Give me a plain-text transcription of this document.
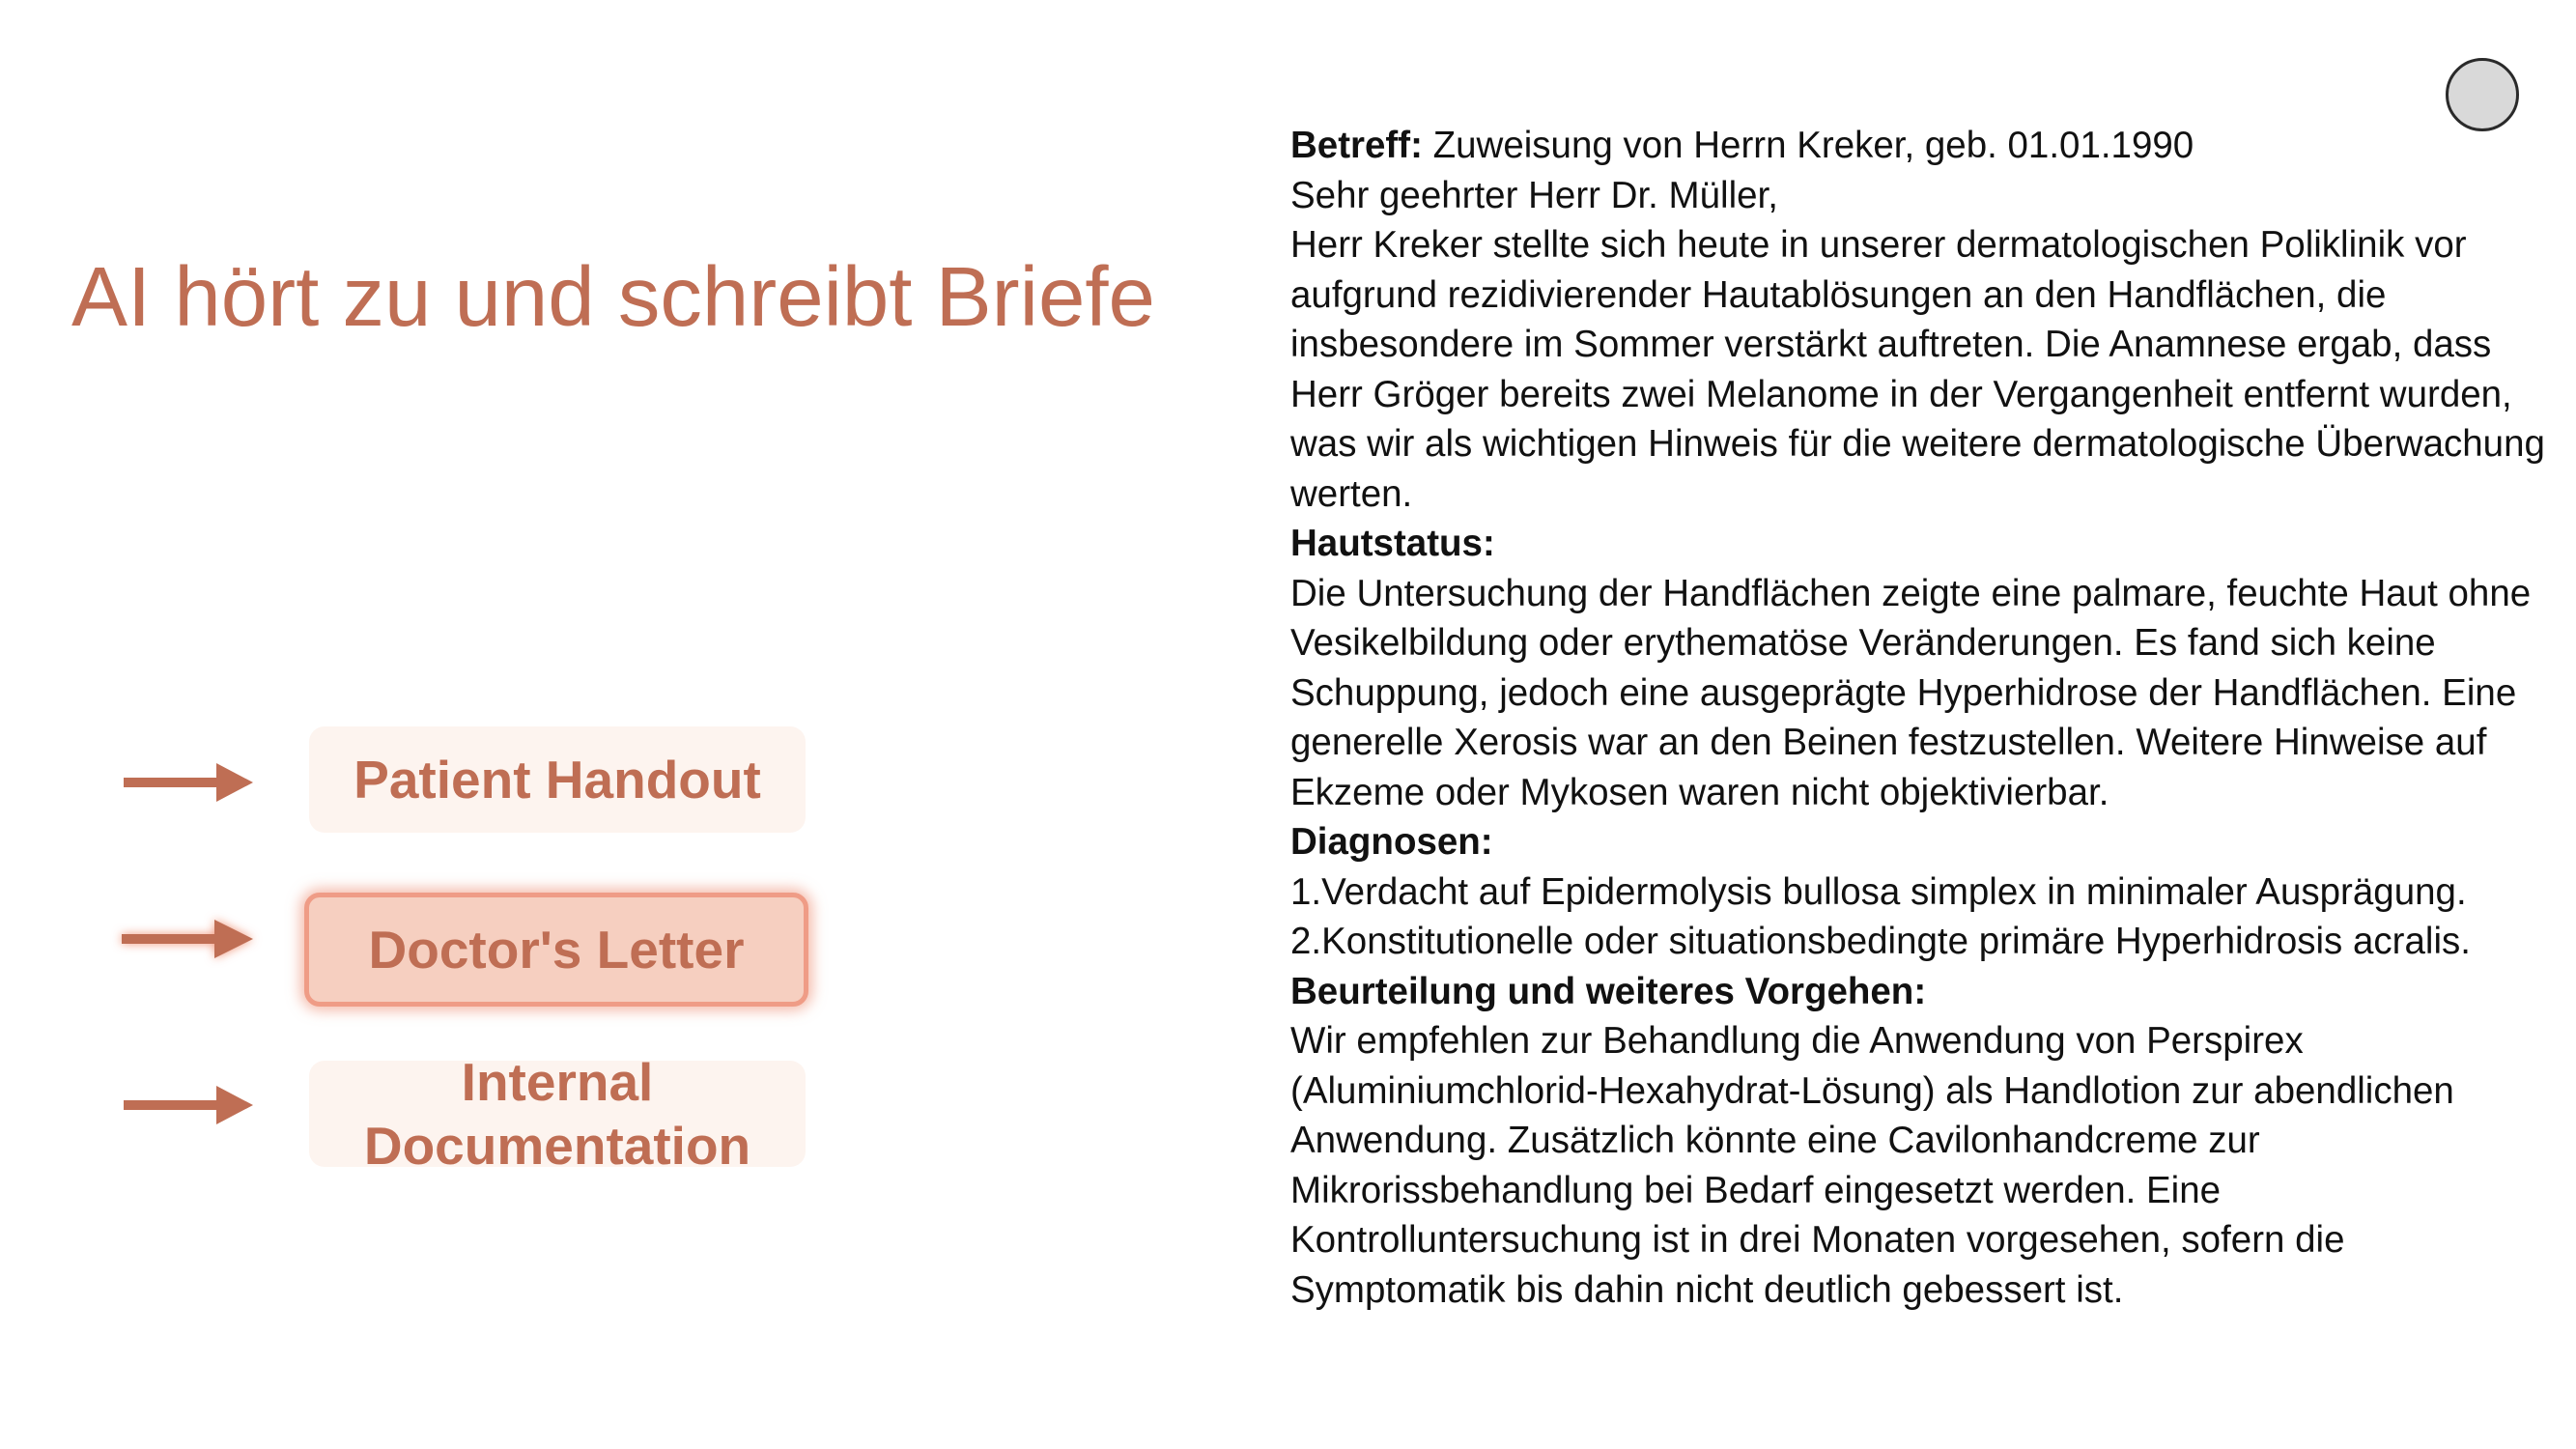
AI hört zu und schreibt Briefe
Patient Handout
Doctor's Letter
Internal Documentation

Betreff: Zuweisung von Herrn Kreker, geb. 01.01.1990

Sehr geehrter Herr Dr. Müller,

Herr Kreker stellte sich heute in unserer dermatologischen Poliklinik vor aufgrund rezidivierender Hautablösungen an den Handflächen, die insbesondere im Sommer verstärkt auftreten. Die Anamnese ergab, dass Herr Gröger bereits zwei Melanome in der Vergangenheit entfernt wurden, was wir als wichtigen Hinweis für die weitere dermatologische Überwachung werten.

Hautstatus:

Die Untersuchung der Handflächen zeigte eine palmare, feuchte Haut ohne Vesikelbildung oder erythematöse Veränderungen. Es fand sich keine Schuppung, jedoch eine ausgeprägte Hyperhidrose der Handflächen. Eine generelle Xerosis war an den Beinen festzustellen. Weitere Hinweise auf Ekzeme oder Mykosen waren nicht objektivierbar.

Diagnosen:

1.Verdacht auf Epidermolysis bullosa simplex in minimaler Ausprägung.

2.Konstitutionelle oder situationsbedingte primäre Hyperhidrosis acralis.

Beurteilung und weiteres Vorgehen:

Wir empfehlen zur Behandlung die Anwendung von Perspirex (Aluminiumchlorid-Hexahydrat-Lösung) als Handlotion zur abendlichen Anwendung. Zusätzlich könnte eine Cavilonhandcreme zur Mikrorissbehandlung bei Bedarf eingesetzt werden. Eine Kontrolluntersuchung ist in drei Monaten vorgesehen, sofern die Symptomatik bis dahin nicht deutlich gebessert ist.
